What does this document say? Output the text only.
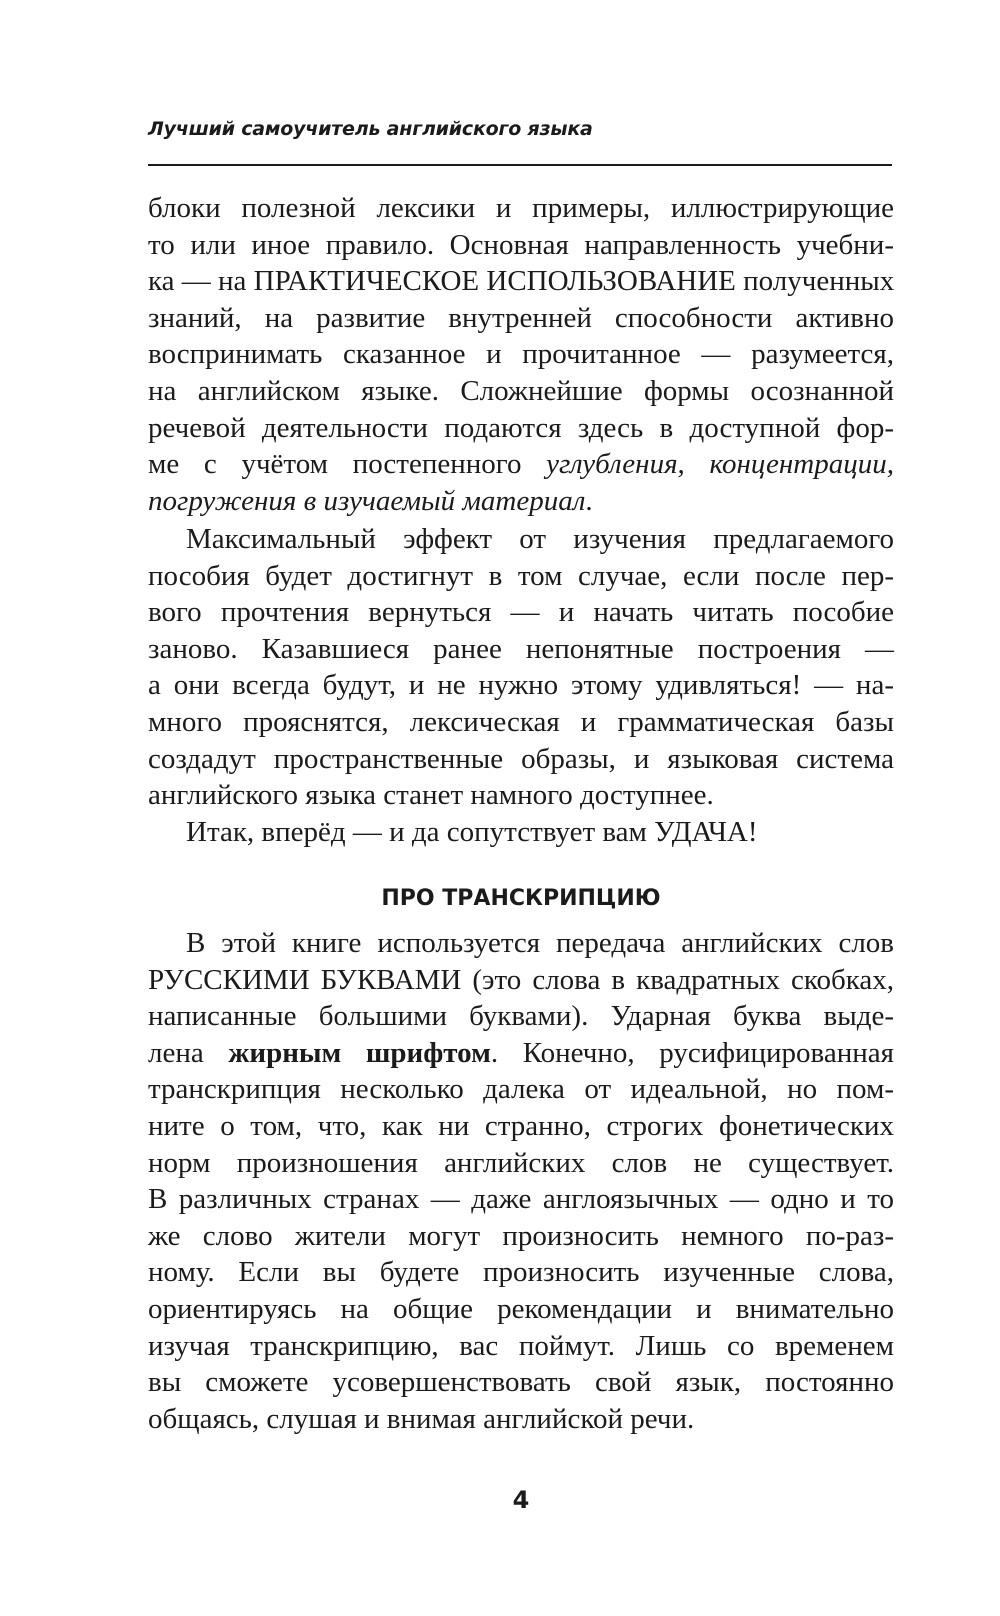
Лучший самоучитель английского языка
блоки полезной лексики и примеры, иллюстрирующие
то или иное правило. Основная направленность учебни-
ка — на ПРАКТИЧЕСКОЕ ИСПОЛЬЗОВАНИЕ полученных
знаний, на развитие внутренней способности активно
воспринимать сказанное и прочитанное — разумеется,
на английском языке. Сложнейшие формы осознанной
речевой деятельности подаются здесь в доступной фор-
ме с учётом постепенного углубления, концентрации,
погружения в изучаемый материал.
Максимальный эффект от изучения предлагаемого
пособия будет достигнут в том случае, если после пер-
вого прочтения вернуться — и начать читать пособие
заново. Казавшиеся ранее непонятные построения —
а они всегда будут, и не нужно этому удивляться! — на-
много прояснятся, лексическая и грамматическая базы
создадут пространственные образы, и языковая система
английского языка станет намного доступнее.
Итак, вперёд — и да сопутствует вам УДАЧА!
ПРО ТРАНСКРИПЦИЮ
В этой книге используется передача английских слов
РУССКИМИ БУКВАМИ (это слова в квадратных скобках,
написанные большими буквами). Ударная буква выде-
лена жирным шрифтом. Конечно, русифицированная
транскрипция несколько далека от идеальной, но пом-
ните о том, что, как ни странно, строгих фонетических
норм произношения английских слов не существует.
В различных странах — даже англоязычных — одно и то
же слово жители могут произносить немного по-раз-
ному. Если вы будете произносить изученные слова,
ориентируясь на общие рекомендации и внимательно
изучая транскрипцию, вас поймут. Лишь со временем
вы сможете усовершенствовать свой язык, постоянно
общаясь, слушая и внимая английской речи.
4
